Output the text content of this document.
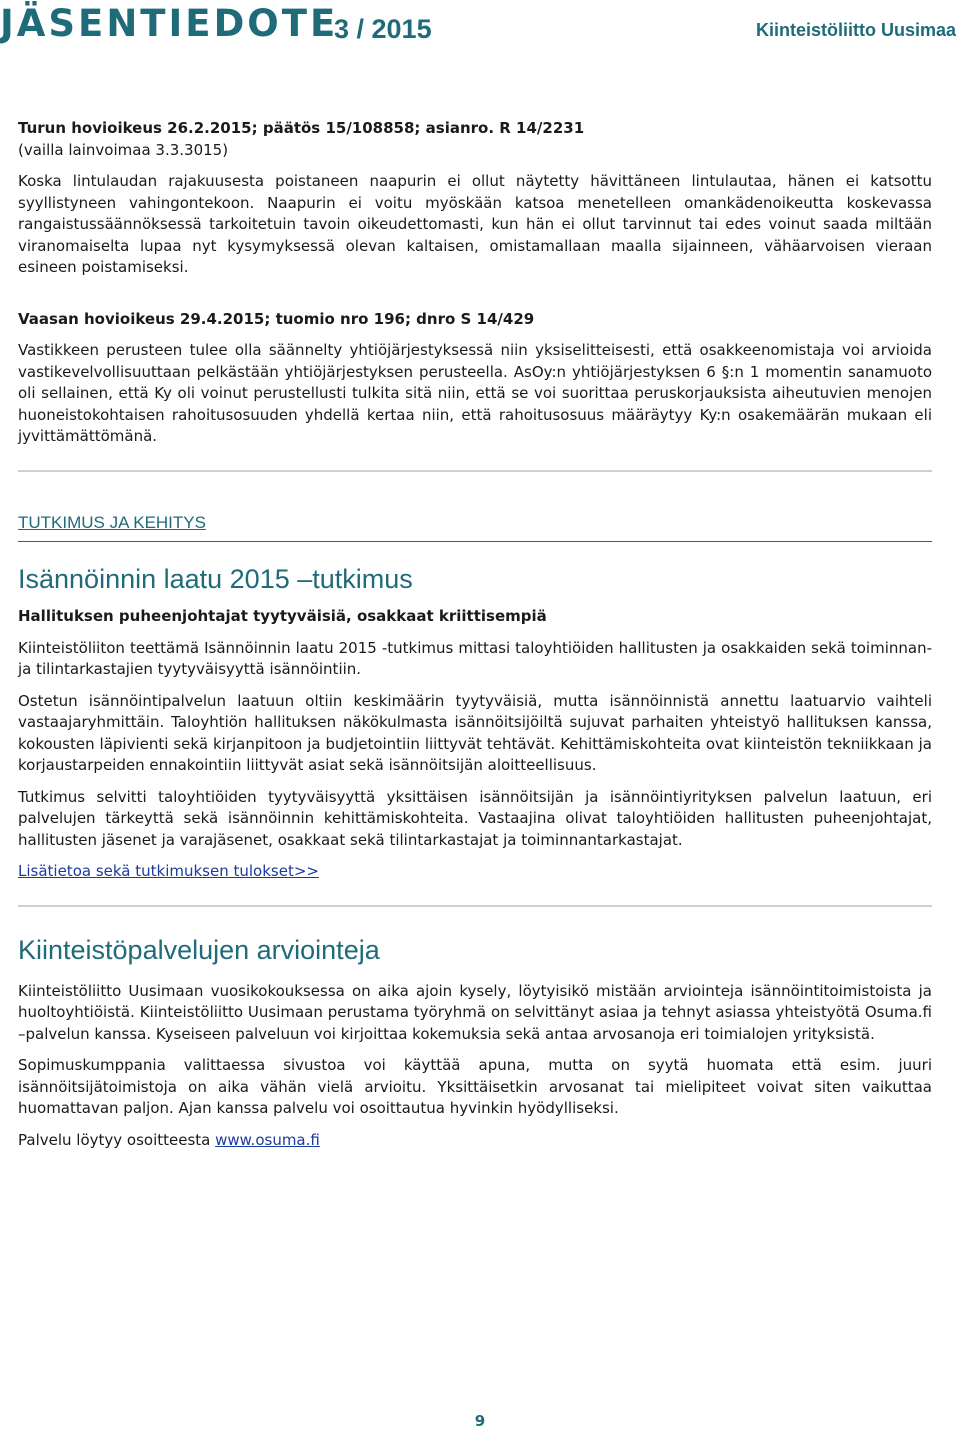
JÄSENTIEDOTE
3 / 2015	Kiinteistöliitto Uusimaa

Turun hovioikeus 26.2.2015; päätös 15/108858; asianro. R 14/2231
(vailla lainvoimaa 3.3.3015)

Koska lintulaudan rajakuusesta poistaneen naapurin ei ollut näytetty hävittäneen lintulautaa, hänen ei katsottu syyllistyneen vahingontekoon. Naapurin ei voitu myöskään katsoa menetelleen omankädenoikeutta koskevassa rangaistussäännöksessä tarkoitetuin tavoin oikeudettomasti, kun hän ei ollut tarvinnut tai edes voinut saada miltään viranomaiselta lupaa nyt kysymyksessä olevan kaltaisen, omistamallaan maalla sijainneen, vähäarvoisen vieraan esineen poistamiseksi.

Vaasan hovioikeus 29.4.2015; tuomio nro 196; dnro S 14/429

Vastikkeen perusteen tulee olla säännelty yhtiöjärjestyksessä niin yksiselitteisesti, että osakkeenomistaja voi arvioida vastikevelvollisuuttaan pelkästään yhtiöjärjestyksen perusteella. AsOy:n yhtiöjärjestyksen 6 §:n 1 momentin sanamuoto oli sellainen, että Ky oli voinut perustellusti tulkita sitä niin, että se voi suorittaa peruskorjauksista aiheutuvien menojen huoneistokohtaisen rahoitusosuuden yhdellä kertaa niin, että rahoitusosuus määräytyy Ky:n osakemäärän mukaan eli jyvittämättömänä.

TUTKIMUS JA KEHITYS
Isännöinnin laatu 2015 –tutkimus

Hallituksen puheenjohtajat tyytyväisiä, osakkaat kriittisempiä

Kiinteistöliiton teettämä Isännöinnin laatu 2015 -tutkimus mittasi taloyhtiöiden hallitusten ja osakkaiden sekä toiminnan- ja tilintarkastajien tyytyväisyyttä isännöintiin.

Ostetun isännöintipalvelun laatuun oltiin keskimäärin tyytyväisiä, mutta isännöinnistä annettu laatuarvio vaihteli vastaajaryhmittäin. Taloyhtiön hallituksen näkökulmasta isännöitsijöiltä sujuvat parhaiten yhteistyö hallituksen kanssa, kokousten läpivienti sekä kirjanpitoon ja budjetointiin liittyvät tehtävät. Kehittämiskohteita ovat kiinteistön tekniikkaan ja korjaustarpeiden ennakointiin liittyvät asiat sekä isännöitsijän aloitteellisuus.

Tutkimus selvitti taloyhtiöiden tyytyväisyyttä yksittäisen isännöitsijän ja isännöintiyrityksen palvelun laatuun, eri palvelujen tärkeyttä sekä isännöinnin kehittämiskohteita. Vastaajina olivat taloyhtiöiden hallitusten puheenjohtajat, hallitusten jäsenet ja varajäsenet, osakkaat sekä tilintarkastajat ja toiminnantarkastajat.

Lisätietoa sekä tutkimuksen tulokset>>

Kiinteistöpalvelujen arviointeja

Kiinteistöliitto Uusimaan vuosikokouksessa on aika ajoin kysely, löytyisikö mistään arviointeja isännöintitoimistoista ja huoltoyhtiöistä. Kiinteistöliitto Uusimaan perustama työryhmä on selvittänyt asiaa ja tehnyt asiassa yhteistyötä Osuma.fi –palvelun kanssa. Kyseiseen palveluun voi kirjoittaa kokemuksia sekä antaa arvosanoja eri toimialojen yrityksistä.

Sopimuskumppania valittaessa sivustoa voi käyttää apuna, mutta on syytä huomata että esim. juuri isännöitsijätoimistoja on aika vähän vielä arvioitu. Yksittäisetkin arvosanat tai mielipiteet voivat siten vaikuttaa huomattavan paljon. Ajan kanssa palvelu voi osoittautua hyvinkin hyödylliseksi.

Palvelu löytyy osoitteesta www.osuma.fi

9
